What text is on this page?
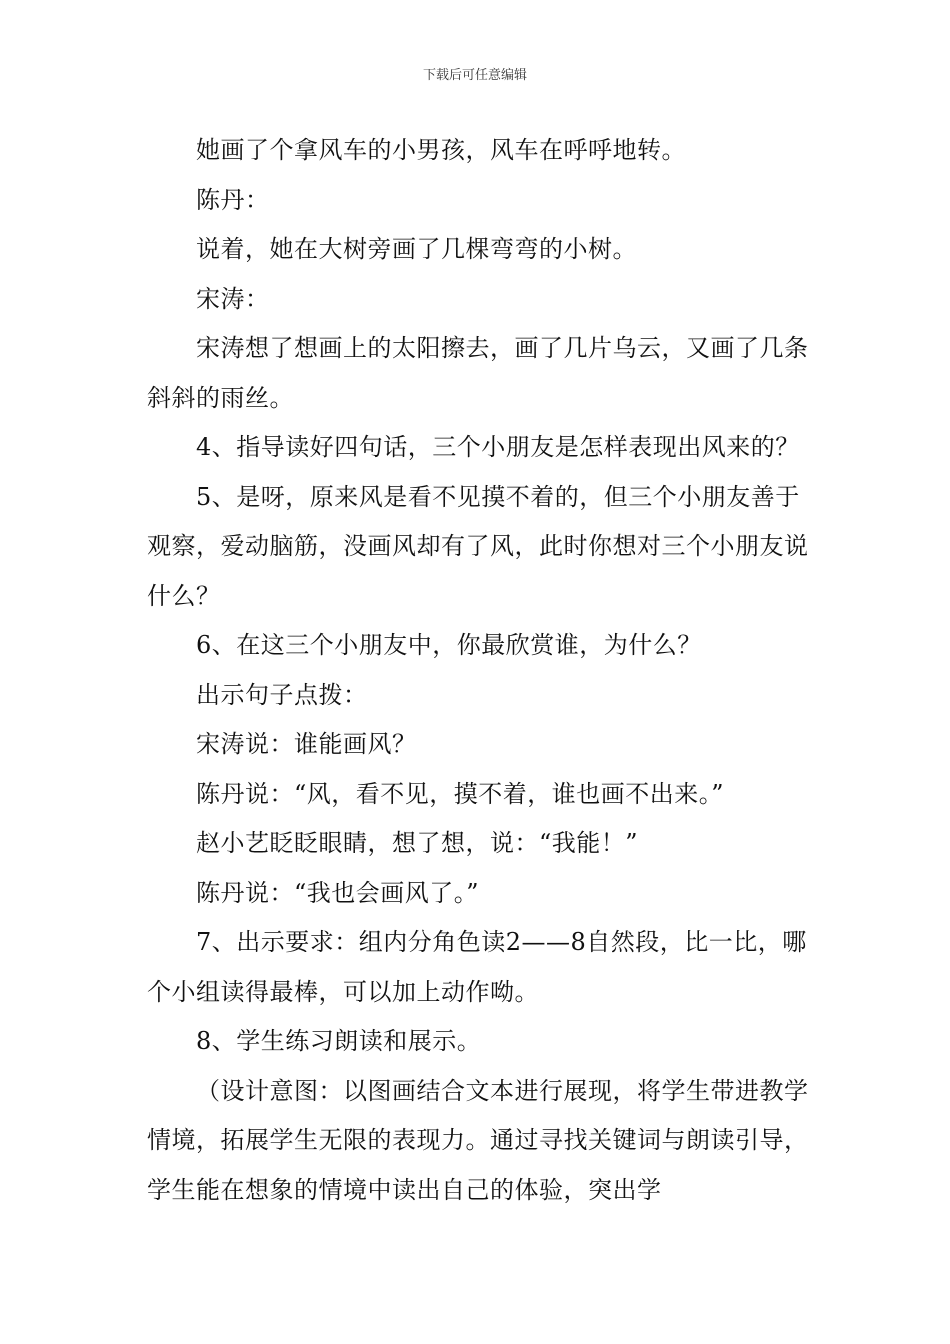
下载后可任意编辑

她画了个拿风车的小男孩，风车在呼呼地转。

陈丹：

说着，她在大树旁画了几棵弯弯的小树。

宋涛：

宋涛想了想画上的太阳擦去，画了几片乌云，又画了几条斜斜的雨丝。

4、指导读好四句话，三个小朋友是怎样表现出风来的？

5、是呀，原来风是看不见摸不着的，但三个小朋友善于观察，爱动脑筋，没画风却有了风，此时你想对三个小朋友说什么？

6、在这三个小朋友中，你最欣赏谁，为什么？

出示句子点拨：

宋涛说：谁能画风？

陈丹说：“风，看不见，摸不着，谁也画不出来。”

赵小艺眨眨眼睛，想了想，说：“我能！”

陈丹说：“我也会画风了。”

7、出示要求：组内分角色读2——8自然段，比一比，哪个小组读得最棒，可以加上动作呦。

8、学生练习朗读和展示。

（设计意图：以图画结合文本进行展现，将学生带进教学情境，拓展学生无限的表现力。通过寻找关键词与朗读引导，学生能在想象的情境中读出自己的体验，突出学
